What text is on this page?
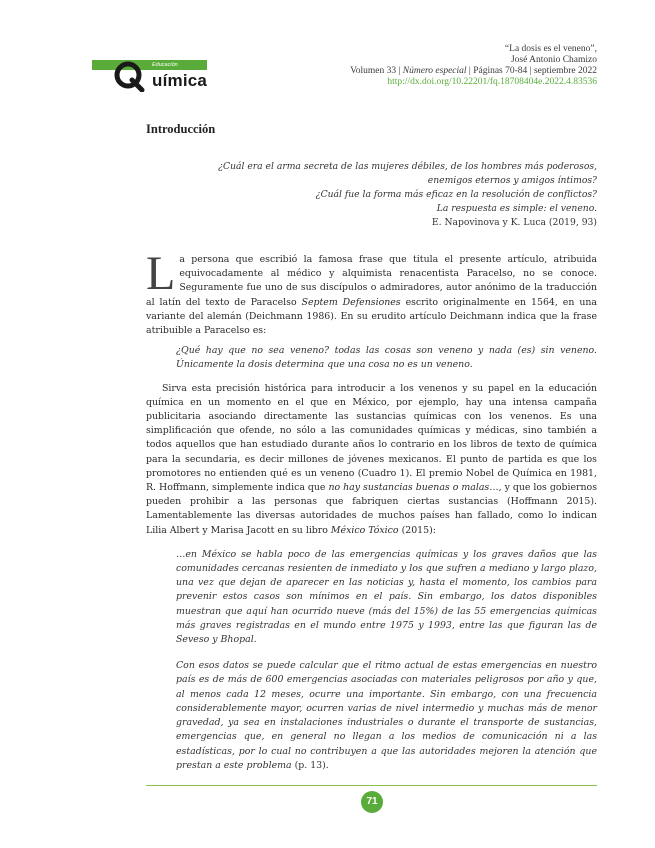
Educación
uímica
“La dosis es el veneno”,
José Antonio Chamizo
Volumen 33 | Número especial | Páginas 70-84 | septiembre 2022
http://dx.doi.org/10.22201/fq.18708404e.2022.4.83536
Introducción
¿Cuál era el arma secreta de las mujeres débiles, de los hombres más poderosos,
enemigos eternos y amigos íntimos?
¿Cuál fue la forma más eficaz en la resolución de conflictos?
La respuesta es simple: el veneno.
E. Napovinova y K. Luca (2019, 93)

La persona que escribió la famosa frase que titula el presente artículo, atribuida equivocadamente al médico y alquimista renacentista Paracelso, no se conoce. Seguramente fue uno de sus discípulos o admiradores, autor anónimo de la traducción al latín del texto de Paracelso Septem Defensiones escrito originalmente en 1564, en una variante del alemán (Deichmann 1986). En su erudito artículo Deichmann indica que la frase atribuible a Paracelso es:

¿Qué hay que no sea veneno? todas las cosas son veneno y nada (es) sin veneno. Únicamente la dosis determina que una cosa no es un veneno.

Sirva esta precisión histórica para introducir a los venenos y su papel en la educación química en un momento en el que en México, por ejemplo, hay una intensa campaña publicitaria asociando directamente las sustancias químicas con los venenos. Es una simplificación que ofende, no sólo a las comunidades químicas y médicas, sino también a todos aquellos que han estudiado durante años lo contrario en los libros de texto de química para la secundaria, es decir millones de jóvenes mexicanos. El punto de partida es que los promotores no entienden qué es un veneno (Cuadro 1). El premio Nobel de Química en 1981, R. Hoffmann, simplemente indica que no hay sustancias buenas o malas…, y que los gobiernos pueden prohibir a las personas que fabriquen ciertas sustancias (Hoffmann 2015). Lamentablemente las diversas autoridades de muchos países han fallado, como lo indican Lilia Albert y Marisa Jacott en su libro México Tóxico (2015):

…en México se habla poco de las emergencias químicas y los graves daños que las comunidades cercanas resienten de inmediato y los que sufren a mediano y largo plazo, una vez que dejan de aparecer en las noticias y, hasta el momento, los cambios para prevenir estos casos son mínimos en el país. Sin embargo, los datos disponibles muestran que aquí han ocurrido nueve (más del 15%) de las 55 emergencias químicas más graves registradas en el mundo entre 1975 y 1993, entre las que figuran las de Seveso y Bhopal.

Con esos datos se puede calcular que el ritmo actual de estas emergencias en nuestro país es de más de 600 emergencias asociadas con materiales peligrosos por año y que, al menos cada 12 meses, ocurre una importante. Sin embargo, con una frecuencia considerablemente mayor, ocurren varias de nivel intermedio y muchas más de menor gravedad, ya sea en instalaciones industriales o durante el transporte de sustancias, emergencias que, en general no llegan a los medios de comunicación ni a las estadísticas, por lo cual no contribuyen a que las autoridades mejoren la atención que prestan a este problema (p. 13).

71
